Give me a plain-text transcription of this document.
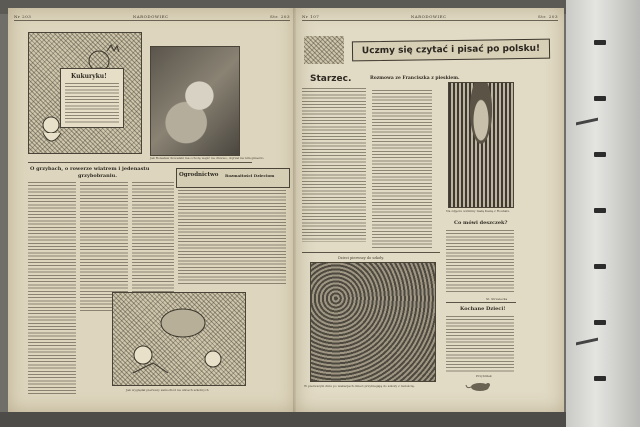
Nr 203	NARODOWIEC	Str. 203
Kukuryku!
Jak Bolesław Kowalski ma ochotę wejść na drzewo, dojrzał na nim gniazdo.
O grzybach, o rowerze wiatrem i jedenastu
grzybobraniu.	Ogrodnictwo Rozmaitości Dzieciom
Jak wyglądał pierwszy samochód na ulicach szkolnych
Nr 107	NARODOWIEC	Str. 203
Uczmy się czytać i pisać po polsku!
Starzec.	Rozmowa ze Franciszka z pieskiem.
Na zdjęciu widzimy małą Kasię z Roubaix.
Co mówi deszczek?
St. Strzelecka
Dzieci pierwszy do szkoły.
W pierwszym dniu po wakacjach dzieci przybiegają do szkoły z radością.
Kochane Dzieci!
Przybliżek
